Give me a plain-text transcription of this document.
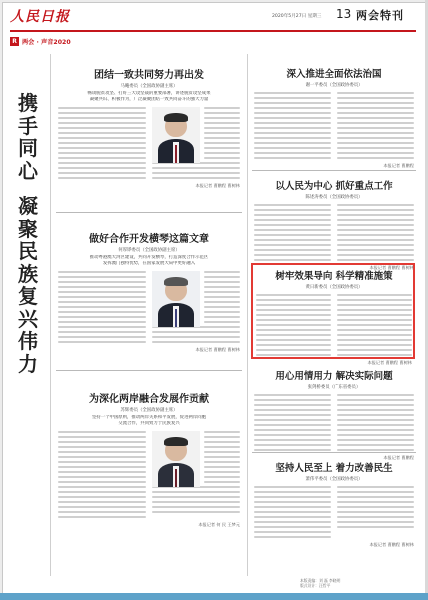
人民日报	2020年5月27日 星期三 13 两会特刊
R 两会 · 声音2020
携
手
同
心
凝
聚
民
族
复
兴
伟
力
团结一致共同努力再出发
马飚委员（全国政协副主席）
畅谈脱贫攻坚、打好三大攻坚战的重要部署，讲述脱贫攻坚成果
凝聚共识、积极作为，广泛凝聚团结一致共同奋斗的强大力量
本报记者 曹鹏程 曹树林
做好合作开发横琴这篇文章
何厚铧委员（全国政协副主席）
推动粤港澳大湾区建设，共同开发横琴，打造深度合作示范区
发挥澳门独特优势，在国家发展大局中更好融入
本报记者 曹鹏程 曹树林
为深化两岸融合发展作贡献
苏辉委员（全国政协副主席）
坚持一个中国原则，推动两岸关系和平发展，促进两岸同胞
交流合作，共同致力于民族复兴
本报记者 何 民 王梦元
深入推进全面依法治国
谢一平委员（全国政协委员）
本报记者 曹鹏程
以人民为中心 抓好重点工作
陈述涛委员（全国政协委员）
本报记者 曹鹏程 曹树林
树牢效果导向 科学精准施策
黄日新委员（全国政协委员）
本报记者 曹鹏程 曹树林
用心用情用力 解决实际问题
张剑桥委员（广东省委员）
本报记者 曹鹏程
坚持人民至上 着力改善民生
萧伟平委员（全国政协委员）
本报记者 曹鹏程 曹树林
本版责编：刘 磊 李晓明
版式设计：汪哲平
